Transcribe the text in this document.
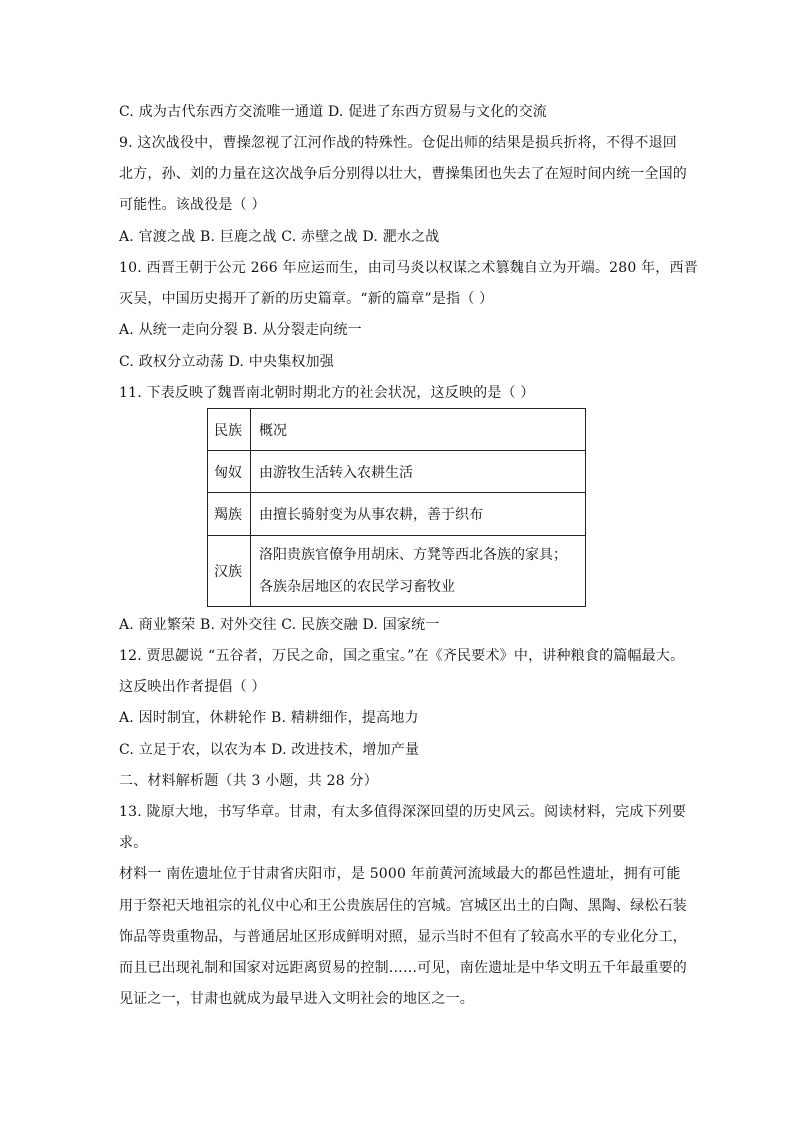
C. 成为古代东西方交流唯一通道 D. 促进了东西方贸易与文化的交流
9. 这次战役中，曹操忽视了江河作战的特殊性。仓促出师的结果是损兵折将，不得不退回
北方，孙、刘的力量在这次战争后分别得以壮大，曹操集团也失去了在短时间内统一全国的
可能性。该战役是（ ）
A. 官渡之战 B. 巨鹿之战 C. 赤壁之战 D. 淝水之战
10. 西晋王朝于公元 266 年应运而生，由司马炎以权谋之术篡魏自立为开端。280 年，西晋
灭吴，中国历史揭开了新的历史篇章。“新的篇章”是指（ ）
A. 从统一走向分裂 B. 从分裂走向统一
C. 政权分立动荡 D. 中央集权加强
11. 下表反映了魏晋南北朝时期北方的社会状况，这反映的是（ ）
民族	概况
匈奴	由游牧生活转入农耕生活
羯族	由擅长骑射变为从事农耕，善于织布
汉族	洛阳贵族官僚争用胡床、方凳等西北各族的家具；
各族杂居地区的农民学习畜牧业
A. 商业繁荣 B. 对外交往 C. 民族交融 D. 国家统一
12. 贾思勰说 “五谷者，万民之命，国之重宝。”在《齐民要术》中，讲种粮食的篇幅最大。
这反映出作者提倡（ ）
A. 因时制宜，休耕轮作 B. 精耕细作，提高地力
C. 立足于农，以农为本 D. 改进技术，增加产量
二、材料解析题（共 3 小题，共 28 分）
13. 陇原大地，书写华章。甘肃，有太多值得深深回望的历史风云。阅读材料，完成下列要
求。
材料一 南佐遗址位于甘肃省庆阳市，是 5000 年前黄河流域最大的都邑性遗址，拥有可能
用于祭祀天地祖宗的礼仪中心和王公贵族居住的宫城。宫城区出土的白陶、黑陶、绿松石装
饰品等贵重物品，与普通居址区形成鲜明对照，显示当时不但有了较高水平的专业化分工，
而且已出现礼制和国家对远距离贸易的控制……可见，南佐遗址是中华文明五千年最重要的
见证之一，甘肃也就成为最早进入文明社会的地区之一。
